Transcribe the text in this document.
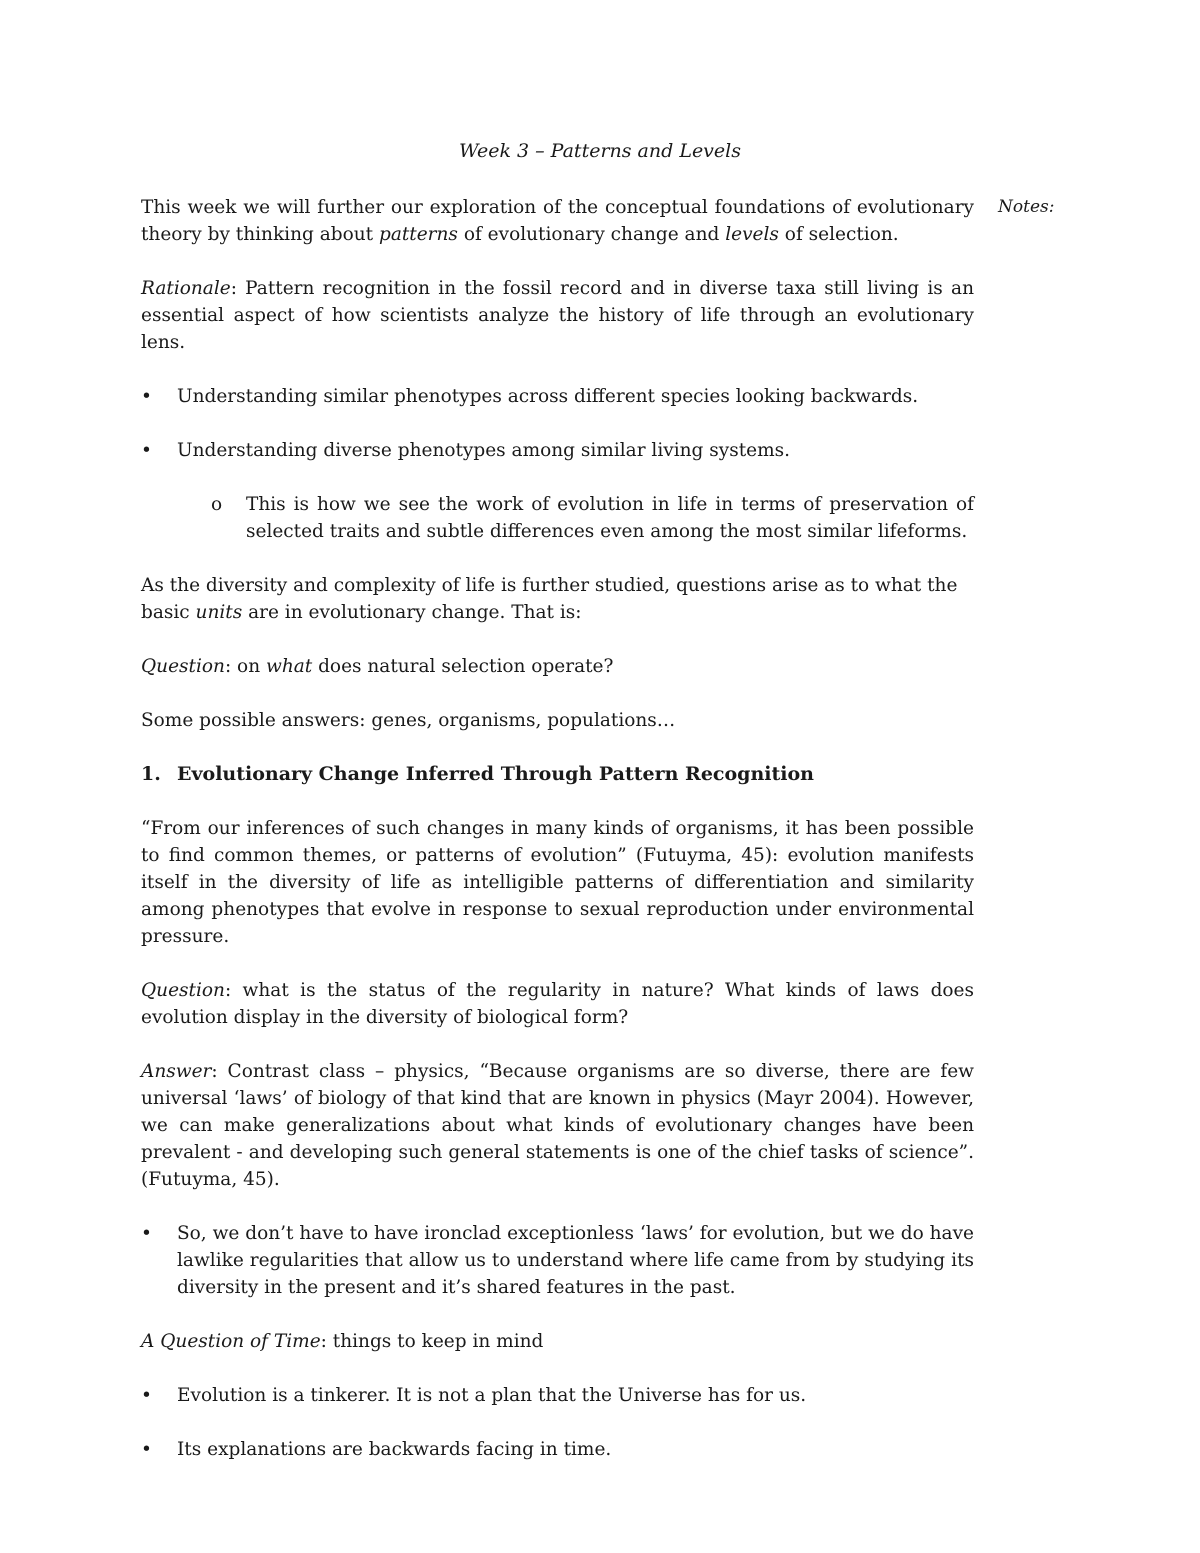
Week 3 – Patterns and Levels
Notes:

This week we will further our exploration of the conceptual foundations of evolutionary theory by thinking about patterns of evolutionary change and levels of selection.

Rationale: Pattern recognition in the fossil record and in diverse taxa still living is an essential aspect of how scientists analyze the history of life through an evolutionary lens.

• Understanding similar phenotypes across different species looking backwards.
• Understanding diverse phenotypes among similar living systems.
o This is how we see the work of evolution in life in terms of preservation of selected traits and subtle differences even among the most similar lifeforms.

As the diversity and complexity of life is further studied, questions arise as to what the basic units are in evolutionary change. That is:

Question: on what does natural selection operate?

Some possible answers: genes, organisms, populations…

1. Evolutionary Change Inferred Through Pattern Recognition

“From our inferences of such changes in many kinds of organisms, it has been possible to find common themes, or patterns of evolution” (Futuyma, 45): evolution manifests itself in the diversity of life as intelligible patterns of differentiation and similarity among phenotypes that evolve in response to sexual reproduction under environmental pressure.

Question: what is the status of the regularity in nature? What kinds of laws does evolution display in the diversity of biological form?

Answer: Contrast class – physics, “Because organisms are so diverse, there are few universal ‘laws’ of biology of that kind that are known in physics (Mayr 2004). However, we can make generalizations about what kinds of evolutionary changes have been prevalent - and developing such general statements is one of the chief tasks of science”. (Futuyma, 45).

• So, we don’t have to have ironclad exceptionless ‘laws’ for evolution, but we do have lawlike regularities that allow us to understand where life came from by studying its diversity in the present and it’s shared features in the past.

A Question of Time: things to keep in mind

• Evolution is a tinkerer. It is not a plan that the Universe has for us.
• Its explanations are backwards facing in time.
